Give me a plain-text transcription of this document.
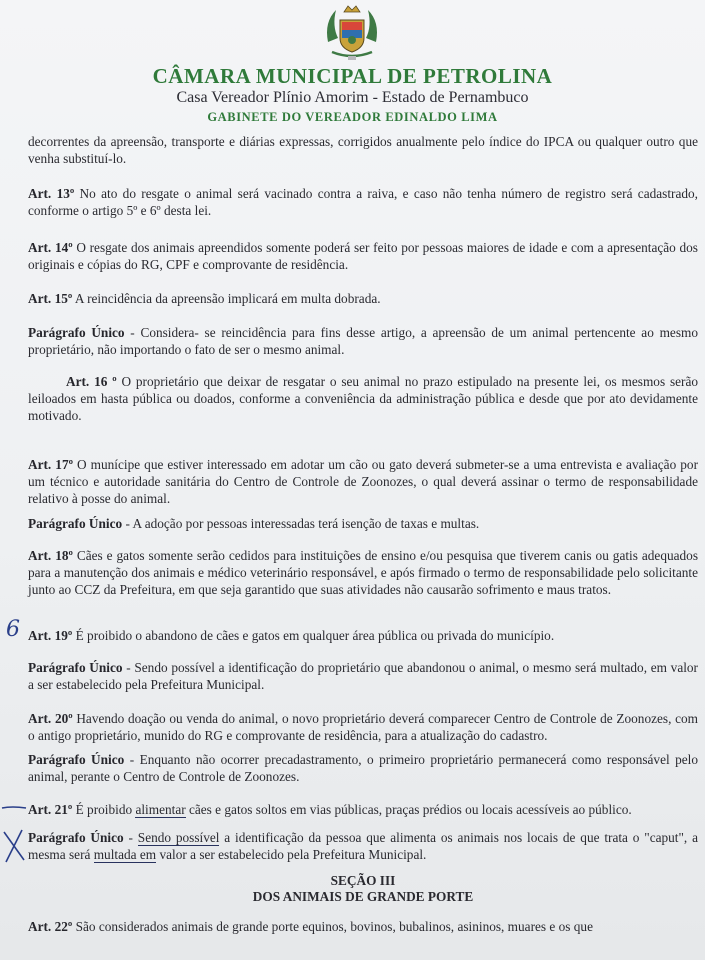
CÂMARA MUNICIPAL DE PETROLINA
Casa Vereador Plínio Amorim - Estado de Pernambuco
GABINETE DO VEREADOR EDINALDO LIMA

decorrentes da apreensão, transporte e diárias expressas, corrigidos anualmente pelo índice do IPCA ou qualquer outro que venha substituí-lo.

Art. 13º No ato do resgate o animal será vacinado contra a raiva, e caso não tenha número de registro será cadastrado, conforme o artigo 5º e 6º desta lei.

Art. 14º O resgate dos animais apreendidos somente poderá ser feito por pessoas maiores de idade e com a apresentação dos originais e cópias do RG, CPF e comprovante de residência.

Art. 15º A reincidência da apreensão implicará em multa dobrada.

Parágrafo Único - Considera- se reincidência para fins desse artigo, a apreensão de um animal pertencente ao mesmo proprietário, não importando o fato de ser o mesmo animal.

Art. 16 º O proprietário que deixar de resgatar o seu animal no prazo estipulado na presente lei, os mesmos serão leiloados em hasta pública ou doados, conforme a conveniência da administração pública e desde que por ato devidamente motivado.

Art. 17º O munícipe que estiver interessado em adotar um cão ou gato deverá submeter-se a uma entrevista e avaliação por um técnico e autoridade sanitária do Centro de Controle de Zoonozes, o qual deverá assinar o termo de responsabilidade relativo à posse do animal.

Parágrafo Único - A adoção por pessoas interessadas terá isenção de taxas e multas.

Art. 18º Cães e gatos somente serão cedidos para instituições de ensino e/ou pesquisa que tiverem canis ou gatis adequados para a manutenção dos animais e médico veterinário responsável, e após firmado o termo de responsabilidade pelo solicitante junto ao CCZ da Prefeitura, em que seja garantido que suas atividades não causarão sofrimento e maus tratos.

Art. 19º É proibido o abandono de cães e gatos em qualquer área pública ou privada do município.

Parágrafo Único - Sendo possível a identificação do proprietário que abandonou o animal, o mesmo será multado, em valor a ser estabelecido pela Prefeitura Municipal.

Art. 20º Havendo doação ou venda do animal, o novo proprietário deverá comparecer Centro de Controle de Zoonozes, com o antigo proprietário, munido do RG e comprovante de residência, para a atualização do cadastro.

Parágrafo Único - Enquanto não ocorrer precadastramento, o primeiro proprietário permanecerá como responsável pelo animal, perante o Centro de Controle de Zoonozes.

Art. 21º É proibido alimentar cães e gatos soltos em vias públicas, praças prédios ou locais acessíveis ao público.

Parágrafo Único - Sendo possível a identificação da pessoa que alimenta os animais nos locais de que trata o "caput", a mesma será multada em valor a ser estabelecido pela Prefeitura Municipal.

SEÇÃO III

DOS ANIMAIS DE GRANDE PORTE

Art. 22º São considerados animais de grande porte equinos, bovinos, bubalinos, asininos, muares e os que

6
